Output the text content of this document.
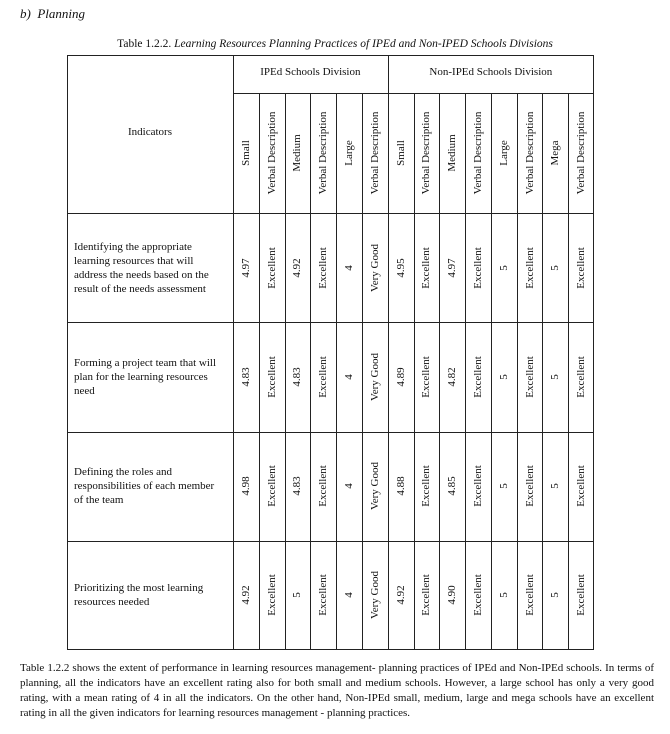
b)  Planning
Table 1.2.2. Learning Resources Planning Practices of IPEd and Non-IPED Schools Divisions
Indicators
IPEd Schools Division	Non-IPEd Schools Division
Small Verbal Description Medium Verbal Description Large Verbal Description Small Verbal Description Medium Verbal Description Large Verbal Description Mega Verbal Description
Identifying the appropriate learning resources that will address the needs based on the result of the needs assessment
4.97 Excellent 4.92 Excellent 4 Very Good 4.95 Excellent 4.97 Excellent 5 Excellent 5 Excellent
Forming a project team that will plan for the learning resources need
4.83 Excellent 4.83 Excellent 4 Very Good 4.89 Excellent 4.82 Excellent 5 Excellent 5 Excellent
Defining the roles and responsibilities of each member of the team
4.98 Excellent 4.83 Excellent 4 Very Good 4.88 Excellent 4.85 Excellent 5 Excellent 5 Excellent
Prioritizing the most learning resources needed	4.92 Excellent 5 Excellent 4 Very Good 4.92 Excellent 4.90 Excellent 5 Excellent 5 Excellent
Table 1.2.2 shows the extent of performance in learning resources management- planning practices of IPEd and Non-IPEd schools. In terms of planning, all the indicators have an excellent rating also for both small and medium schools. However, a large school has only a very good rating, with a mean rating of 4 in all the indicators. On the other hand, Non-IPEd small, medium, large and mega schools have an excellent rating in all the given indicators for learning resources management - planning practices.
